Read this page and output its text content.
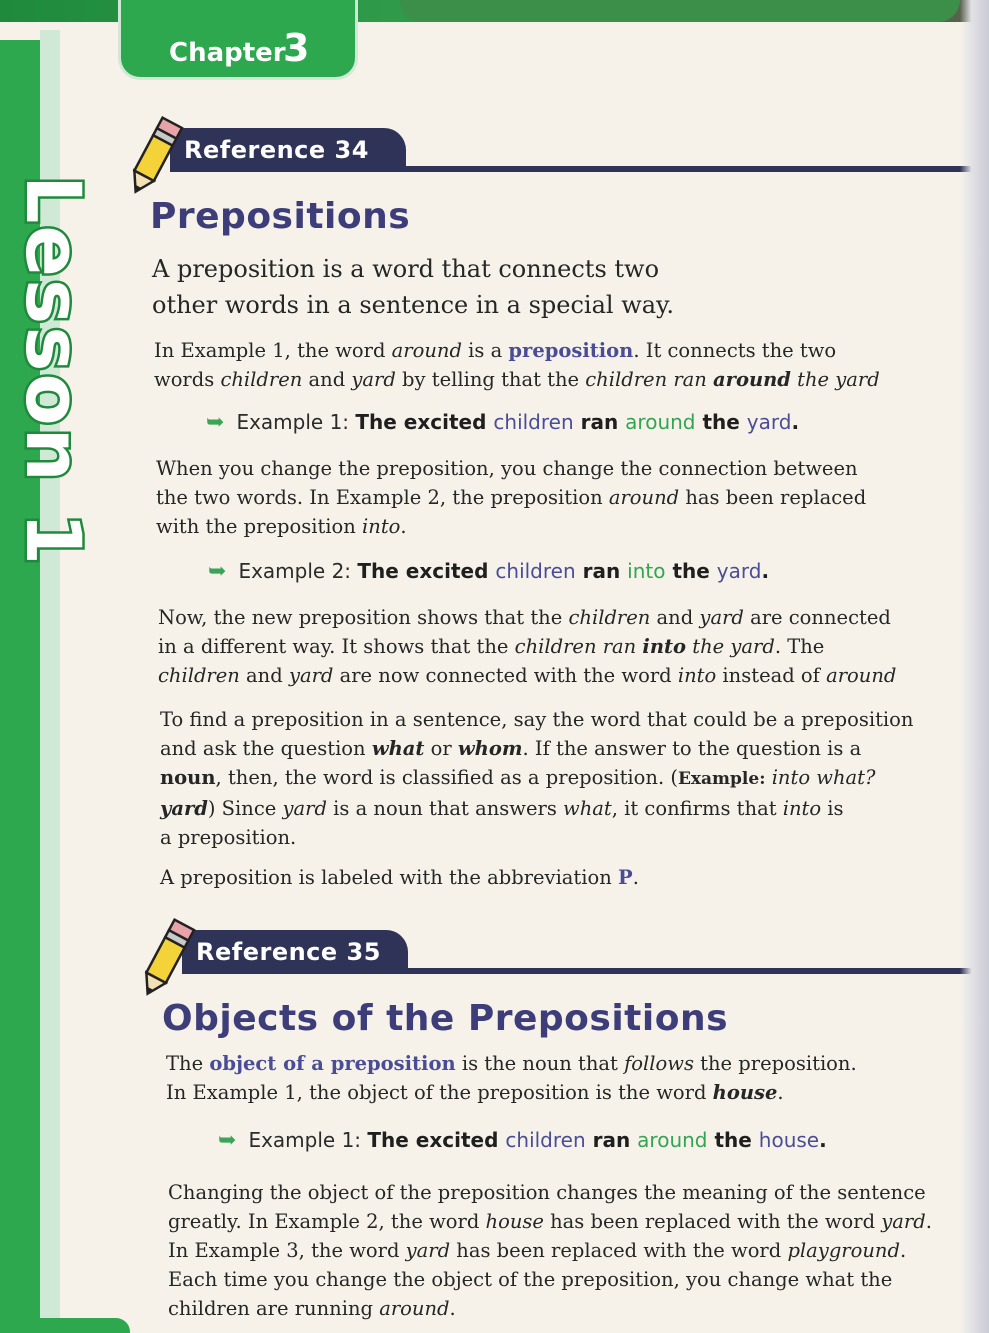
Lesson 1
Chapter
3
Reference 34
Prepositions
A preposition is a word that connects two
other words in a sentence in a special way.
In Example 1, the word around is a preposition. It connects the two
words children and yard by telling that the children ran around the yard
➥ Example 1: The excited children ran around the yard.
When you change the preposition, you change the connection between
the two words. In Example 2, the preposition around has been replaced
with the preposition into.
➥ Example 2: The excited children ran into the yard.
Now, the new preposition shows that the children and yard are connected
in a different way. It shows that the children ran into the yard. The
children and yard are now connected with the word into instead of around
To find a preposition in a sentence, say the word that could be a preposition
and ask the question what or whom. If the answer to the question is a
noun, then, the word is classified as a preposition. (Example: into what?
yard) Since yard is a noun that answers what, it confirms that into is
a preposition.
A preposition is labeled with the abbreviation P.
Reference 35
Objects of the Prepositions
The object of a preposition is the noun that follows the preposition.
In Example 1, the object of the preposition is the word house.
➥ Example 1: The excited children ran around the house.
Changing the object of the preposition changes the meaning of the sentence
greatly. In Example 2, the word house has been replaced with the word yard.
In Example 3, the word yard has been replaced with the word playground.
Each time you change the object of the preposition, you change what the
children are running around.
